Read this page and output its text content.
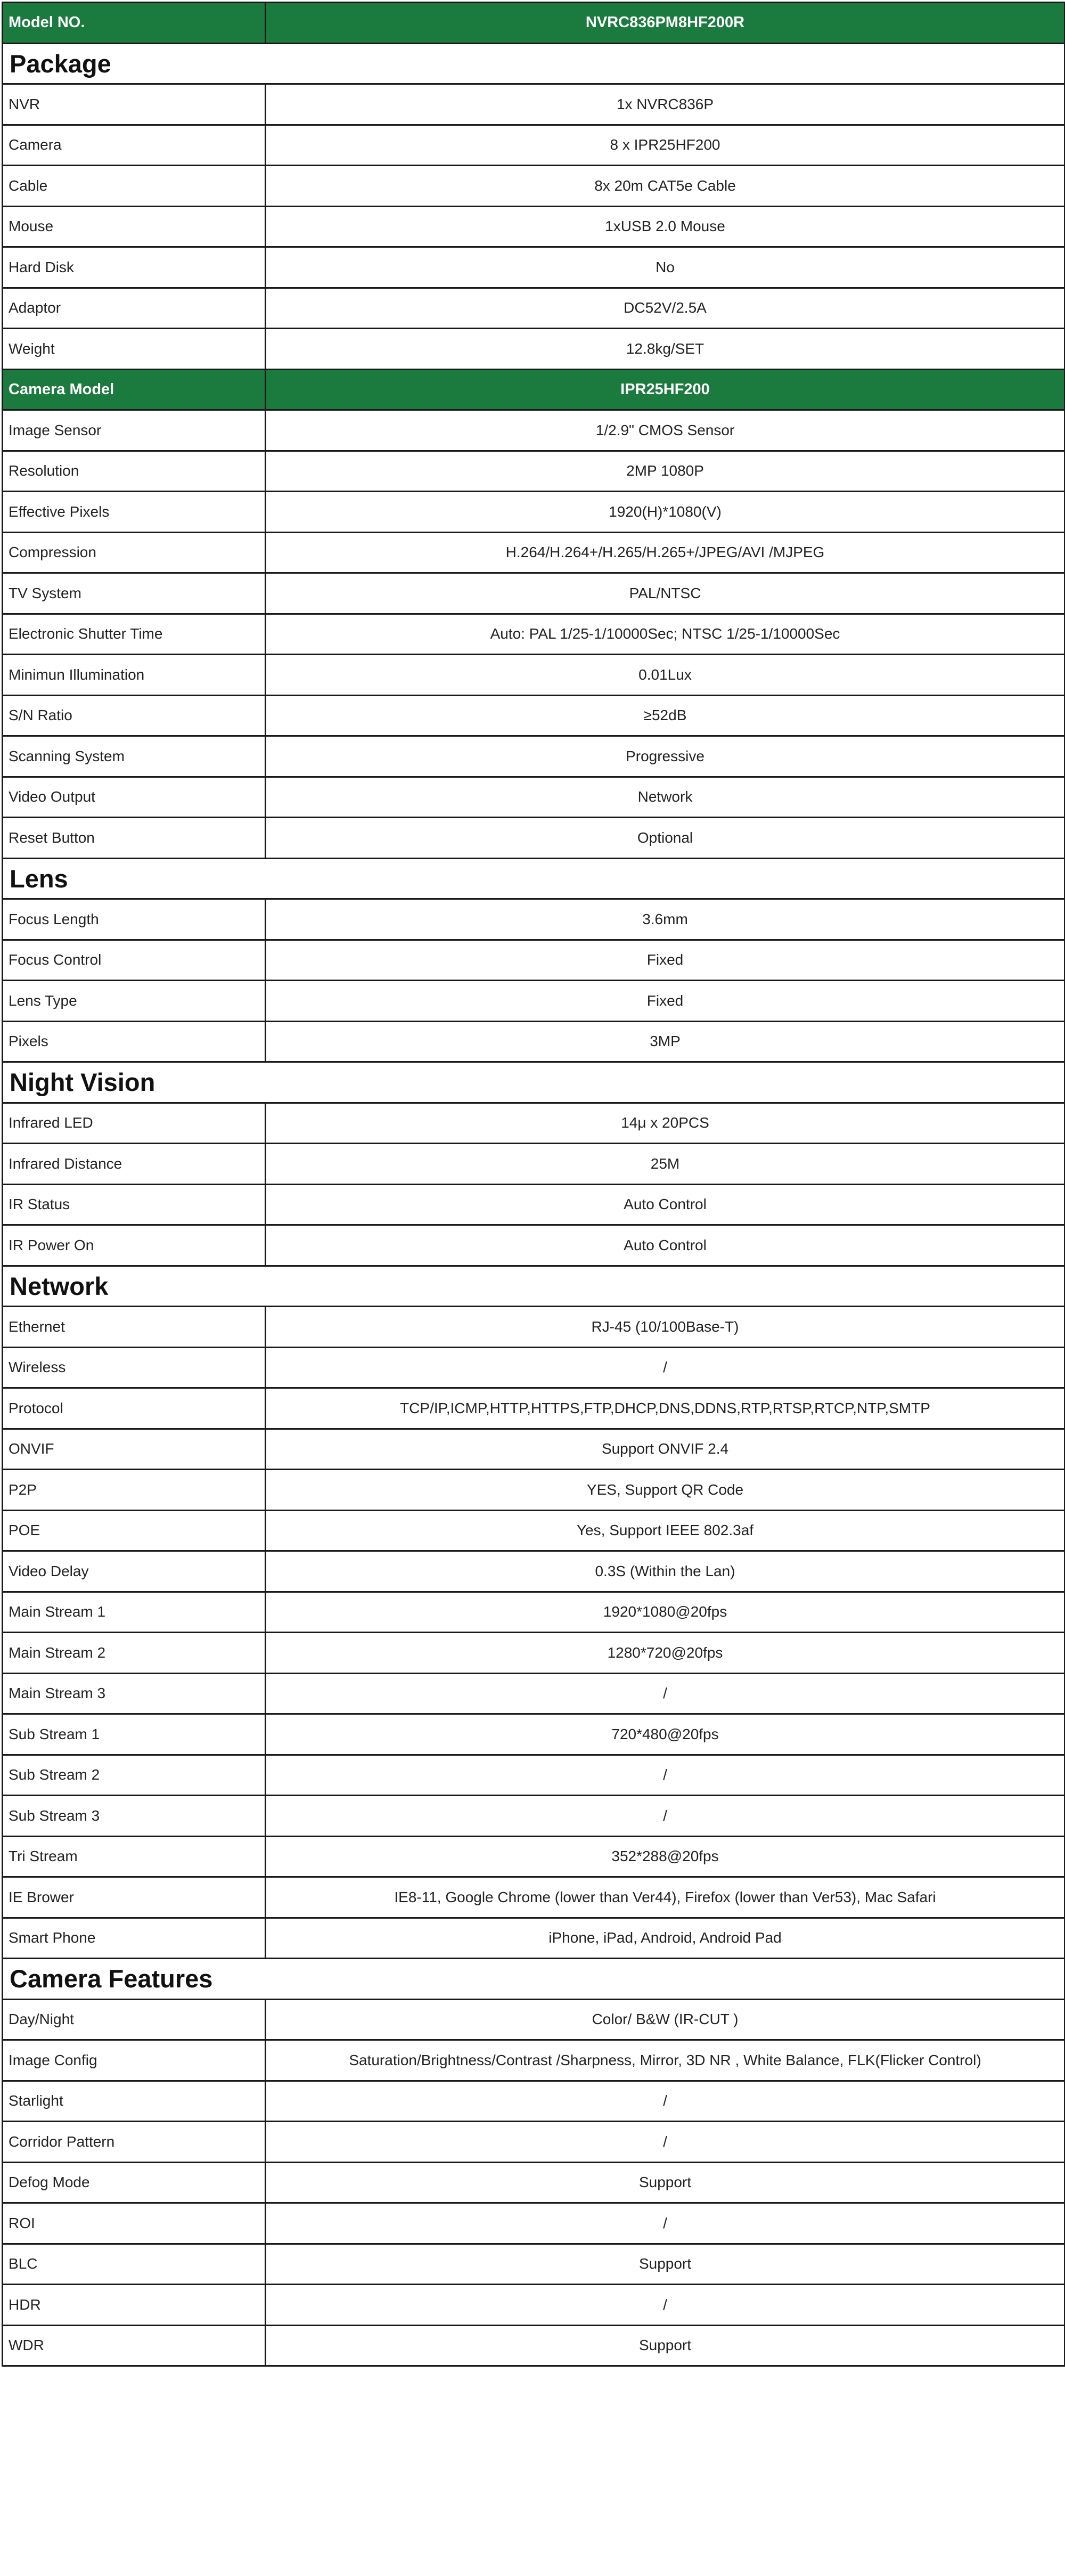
Model NO.	NVRC836PM8HF200R
Package	
NVR	1x NVRC836P
Camera	8 x IPR25HF200
Cable	8x 20m CAT5e Cable
Mouse	1xUSB 2.0 Mouse
Hard Disk	No
Adaptor	DC52V/2.5A
Weight	12.8kg/SET
Camera Model	IPR25HF200
Image Sensor	1/2.9" CMOS Sensor
Resolution	2MP 1080P
Effective Pixels	1920(H)*1080(V)
Compression	H.264/H.264+/H.265/H.265+/JPEG/AVI /MJPEG
TV System	PAL/NTSC
Electronic Shutter Time	Auto: PAL 1/25-1/10000Sec; NTSC 1/25-1/10000Sec
Minimun Illumination	0.01Lux
S/N Ratio	≥52dB
Scanning System	Progressive
Video Output	Network
Reset Button	Optional
Lens	
Focus Length	3.6mm
Focus Control	Fixed
Lens Type	Fixed
Pixels	3MP
Night Vision	
Infrared LED	14μ x 20PCS
Infrared Distance	25M
IR Status	Auto Control
IR Power On	Auto Control
Network	
Ethernet	RJ-45 (10/100Base-T)
Wireless	/
Protocol	TCP/IP,ICMP,HTTP,HTTPS,FTP,DHCP,DNS,DDNS,RTP,RTSP,RTCP,NTP,SMTP
ONVIF	Support ONVIF 2.4
P2P	YES, Support QR Code
POE	Yes, Support IEEE 802.3af
Video Delay	0.3S (Within the Lan)
Main Stream 1	1920*1080@20fps
Main Stream 2	1280*720@20fps
Main Stream 3	/
Sub Stream 1	720*480@20fps
Sub Stream 2	/
Sub Stream 3	/
Tri Stream	352*288@20fps
IE Brower	IE8-11, Google Chrome (lower than Ver44), Firefox (lower than Ver53), Mac Safari
Smart Phone	iPhone, iPad, Android, Android Pad
Camera Features	
Day/Night	Color/ B&W (IR-CUT )
Image Config	Saturation/Brightness/Contrast /Sharpness, Mirror, 3D NR , White Balance, FLK(Flicker Control)
Starlight	/
Corridor Pattern	/
Defog Mode	Support
ROI	/
BLC	Support
HDR	/
WDR	Support
